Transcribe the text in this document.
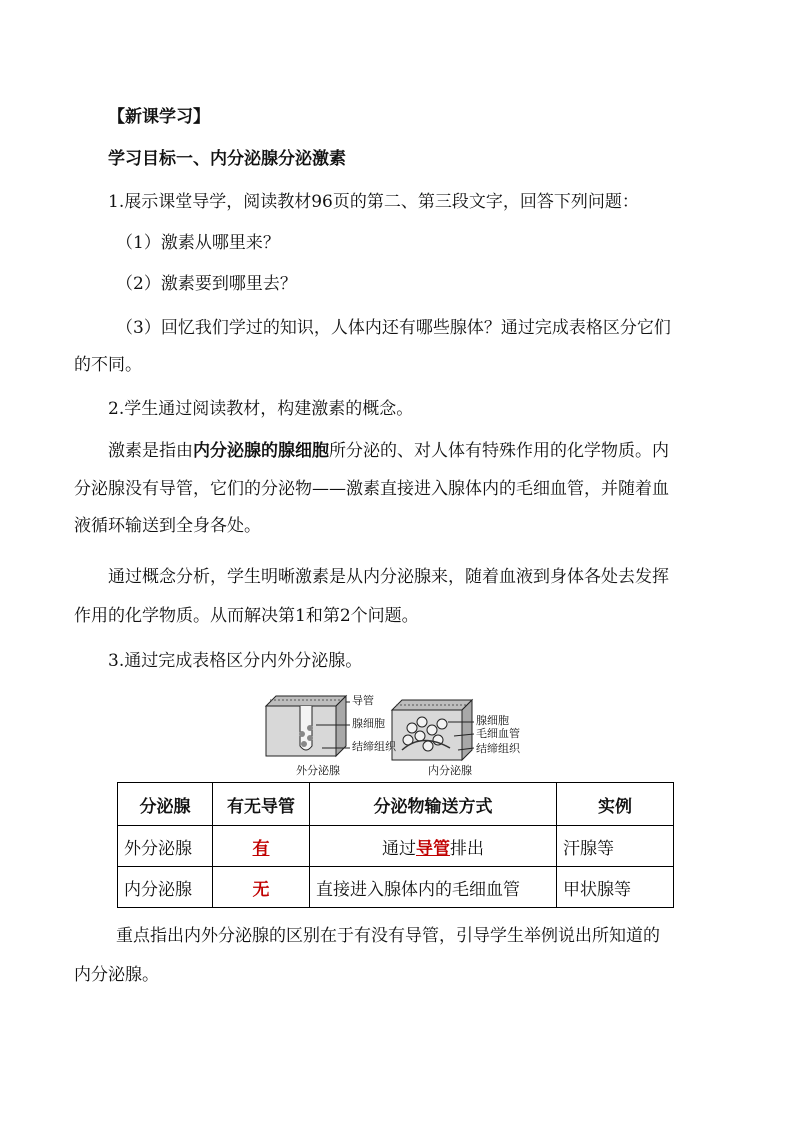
【新课学习】
学习目标一、内分泌腺分泌激素
1.展示课堂导学，阅读教材96页的第二、第三段文字，回答下列问题：
（1）激素从哪里来？
（2）激素要到哪里去？
（3）回忆我们学过的知识，人体内还有哪些腺体？通过完成表格区分它们
的不同。
2.学生通过阅读教材，构建激素的概念。
激素是指由内分泌腺的腺细胞所分泌的、对人体有特殊作用的化学物质。内
分泌腺没有导管，它们的分泌物——激素直接进入腺体内的毛细血管，并随着血
液循环输送到全身各处。
通过概念分析，学生明晰激素是从内分泌腺来，随着血液到身体各处去发挥
作用的化学物质。从而解决第1和第2个问题。
3.通过完成表格区分内外分泌腺。
导管
腺细胞
结缔组织
外分泌腺
腺细胞
毛细血管
结缔组织
内分泌腺
分泌腺	有无导管	分泌物输送方式	实例
外分泌腺	有	通过导管排出	汗腺等
内分泌腺	无	直接进入腺体内的毛细血管	甲状腺等
重点指出内外分泌腺的区别在于有没有导管，引导学生举例说出所知道的
内分泌腺。
